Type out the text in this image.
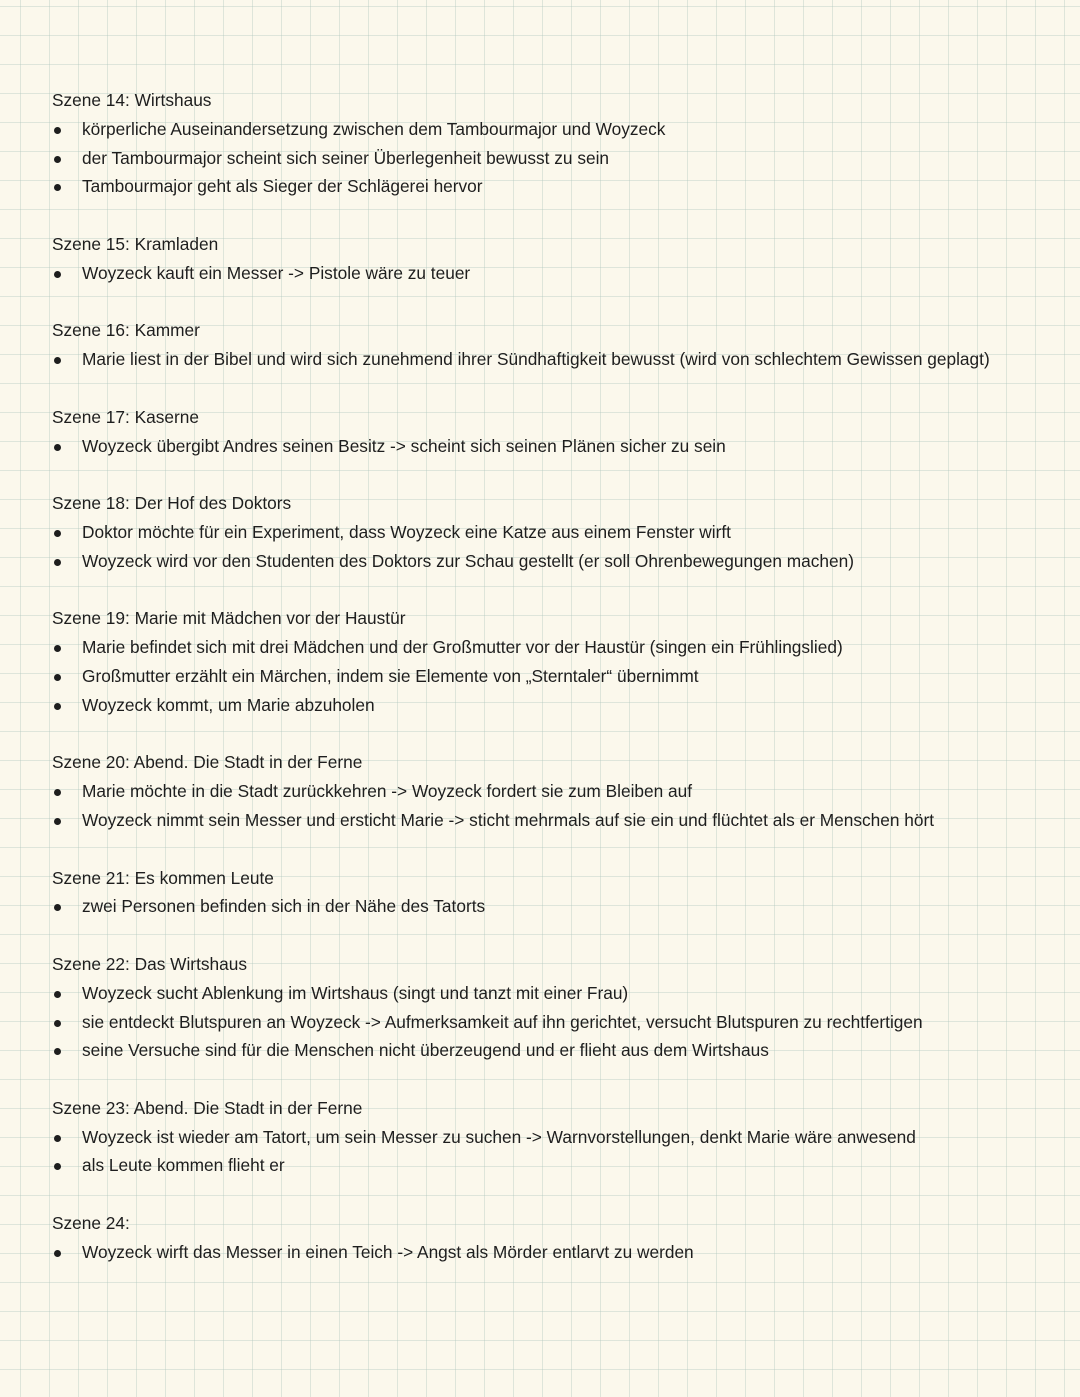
Szene 14: Wirtshaus
körperliche Auseinandersetzung zwischen dem Tambourmajor und Woyzeck
der Tambourmajor scheint sich seiner Überlegenheit bewusst zu sein
Tambourmajor geht als Sieger der Schlägerei hervor
Szene 15: Kramladen
Woyzeck kauft ein Messer -> Pistole wäre zu teuer
Szene 16: Kammer
Marie liest in der Bibel und wird sich zunehmend ihrer Sündhaftigkeit bewusst (wird von schlechtem Gewissen geplagt)
Szene 17: Kaserne
Woyzeck übergibt Andres seinen Besitz -> scheint sich seinen Plänen sicher zu sein
Szene 18: Der Hof des Doktors
Doktor möchte für ein Experiment, dass Woyzeck eine Katze aus einem Fenster wirft
Woyzeck wird vor den Studenten des Doktors zur Schau gestellt (er soll Ohrenbewegungen machen)
Szene 19: Marie mit Mädchen vor der Haustür
Marie befindet sich mit drei Mädchen und der Großmutter vor der Haustür (singen ein Frühlingslied)
Großmutter erzählt ein Märchen, indem sie Elemente von „Sterntaler“ übernimmt
Woyzeck kommt, um Marie abzuholen
Szene 20: Abend. Die Stadt in der Ferne
Marie möchte in die Stadt zurückkehren -> Woyzeck fordert sie zum Bleiben auf
Woyzeck nimmt sein Messer und ersticht Marie -> sticht mehrmals auf sie ein und flüchtet als er Menschen hört
Szene 21: Es kommen Leute
zwei Personen befinden sich in der Nähe des Tatorts
Szene 22: Das Wirtshaus
Woyzeck sucht Ablenkung im Wirtshaus (singt und tanzt mit einer Frau)
sie entdeckt Blutspuren an Woyzeck -> Aufmerksamkeit auf ihn gerichtet, versucht Blutspuren zu rechtfertigen
seine Versuche sind für die Menschen nicht überzeugend und er flieht aus dem Wirtshaus
Szene 23: Abend. Die Stadt in der Ferne
Woyzeck ist wieder am Tatort, um sein Messer zu suchen -> Warnvorstellungen, denkt Marie wäre anwesend
als Leute kommen flieht er
Szene 24:
Woyzeck wirft das Messer in einen Teich -> Angst als Mörder entlarvt zu werden
